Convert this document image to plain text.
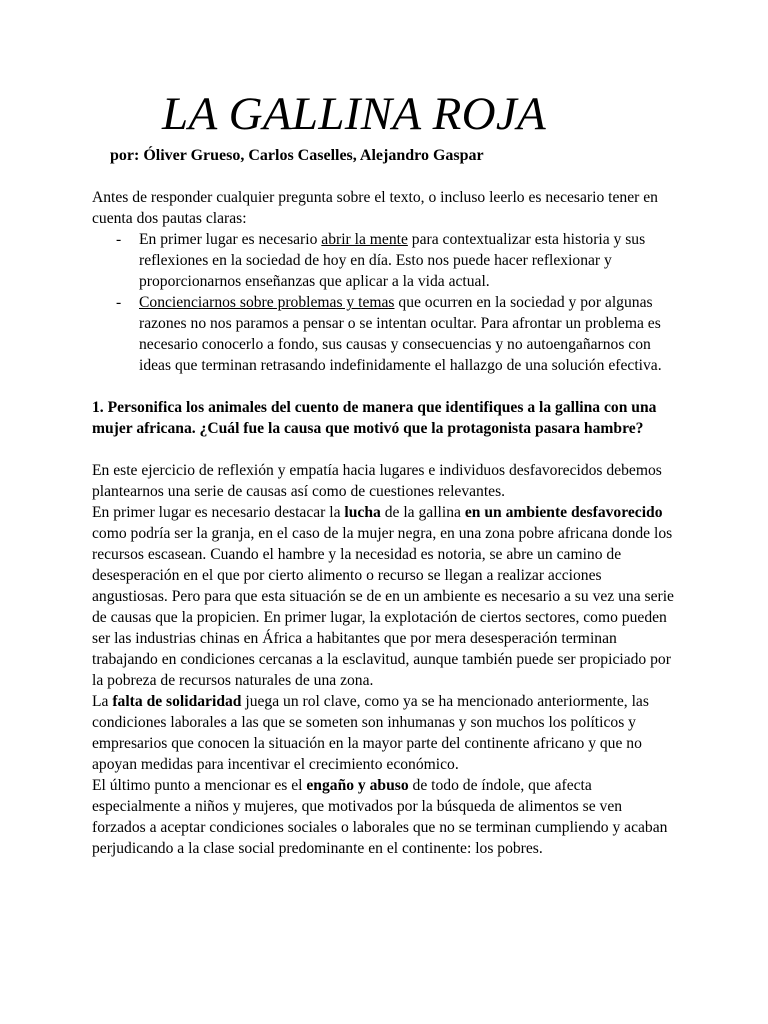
LA GALLINA ROJA
por: Óliver Grueso, Carlos Caselles, Alejandro Gaspar

Antes de responder cualquier pregunta sobre el texto, o incluso leerlo es necesario tener en cuenta dos pautas claras:

- En primer lugar es necesario abrir la mente para contextualizar esta historia y sus reflexiones en la sociedad de hoy en día. Esto nos puede hacer reflexionar y proporcionarnos enseñanzas que aplicar a la vida actual.
- Concienciarnos sobre problemas y temas que ocurren en la sociedad y por algunas razones no nos paramos a pensar o se intentan ocultar. Para afrontar un problema es necesario conocerlo a fondo, sus causas y consecuencias y no autoengañarnos con ideas que terminan retrasando indefinidamente el hallazgo de una solución efectiva.

1. Personifica los animales del cuento de manera que identifiques a la gallina con una mujer africana. ¿Cuál fue la causa que motivó que la protagonista pasara hambre?

En este ejercicio de reflexión y empatía hacia lugares e individuos desfavorecidos debemos plantearnos una serie de causas así como de cuestiones relevantes.

En primer lugar es necesario destacar la lucha de la gallina en un ambiente desfavorecido como podría ser la granja, en el caso de la mujer negra, en una zona pobre africana donde los recursos escasean. Cuando el hambre y la necesidad es notoria, se abre un camino de desesperación en el que por cierto alimento o recurso se llegan a realizar acciones angustiosas. Pero para que esta situación se de en un ambiente es necesario a su vez una serie de causas que la propicien. En primer lugar, la explotación de ciertos sectores, como pueden ser las industrias chinas en África a habitantes que por mera desesperación terminan trabajando en condiciones cercanas a la esclavitud, aunque también puede ser propiciado por la pobreza de recursos naturales de una zona.

La falta de solidaridad juega un rol clave, como ya se ha mencionado anteriormente, las condiciones laborales a las que se someten son inhumanas y son muchos los políticos y empresarios que conocen la situación en la mayor parte del continente africano y que no apoyan medidas para incentivar el crecimiento económico.

El último punto a mencionar es el engaño y abuso de todo de índole, que afecta especialmente a niños y mujeres, que motivados por la búsqueda de alimentos se ven forzados a aceptar condiciones sociales o laborales que no se terminan cumpliendo y acaban perjudicando a la clase social predominante en el continente: los pobres.
